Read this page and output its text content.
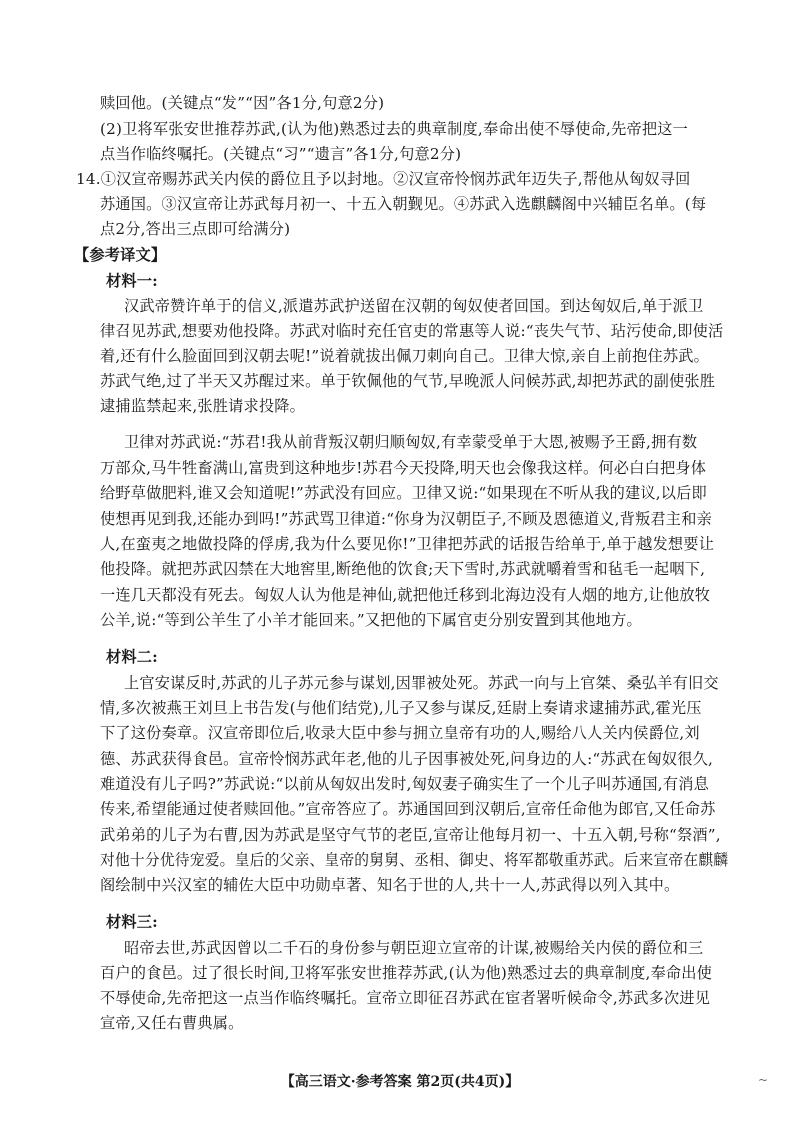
赎回他。(关键点“发”“因”各1分,句意2分)
(2)卫将军张安世推荐苏武,(认为他)熟悉过去的典章制度,奉命出使不辱使命,先帝把这一
点当作临终嘱托。(关键点“习”“遗言”各1分,句意2分)
14.①汉宣帝赐苏武关内侯的爵位且予以封地。②汉宣帝怜悯苏武年迈失子,帮他从匈奴寻回
苏通国。③汉宣帝让苏武每月初一、十五入朝觐见。④苏武入选麒麟阁中兴辅臣名单。(每
点2分,答出三点即可给满分)
【参考译文】
材料一:
汉武帝赞许单于的信义,派遣苏武护送留在汉朝的匈奴使者回国。到达匈奴后,单于派卫
律召见苏武,想要劝他投降。苏武对临时充任官吏的常惠等人说:“丧失气节、玷污使命,即使活
着,还有什么脸面回到汉朝去呢!”说着就拔出佩刀刺向自己。卫律大惊,亲自上前抱住苏武。
苏武气绝,过了半天又苏醒过来。单于钦佩他的气节,早晚派人问候苏武,却把苏武的副使张胜
逮捕监禁起来,张胜请求投降。
卫律对苏武说:“苏君!我从前背叛汉朝归顺匈奴,有幸蒙受单于大恩,被赐予王爵,拥有数
万部众,马牛牲畜满山,富贵到这种地步!苏君今天投降,明天也会像我这样。何必白白把身体
给野草做肥料,谁又会知道呢!”苏武没有回应。卫律又说:“如果现在不听从我的建议,以后即
使想再见到我,还能办到吗!”苏武骂卫律道:“你身为汉朝臣子,不顾及恩德道义,背叛君主和亲
人,在蛮夷之地做投降的俘虏,我为什么要见你!”卫律把苏武的话报告给单于,单于越发想要让
他投降。就把苏武囚禁在大地窖里,断绝他的饮食;天下雪时,苏武就嚼着雪和毡毛一起咽下,
一连几天都没有死去。匈奴人认为他是神仙,就把他迁移到北海边没有人烟的地方,让他放牧
公羊,说:“等到公羊生了小羊才能回来。”又把他的下属官吏分别安置到其他地方。
材料二:
上官安谋反时,苏武的儿子苏元参与谋划,因罪被处死。苏武一向与上官桀、桑弘羊有旧交
情,多次被燕王刘旦上书告发(与他们结党),儿子又参与谋反,廷尉上奏请求逮捕苏武,霍光压
下了这份奏章。汉宣帝即位后,收录大臣中参与拥立皇帝有功的人,赐给八人关内侯爵位,刘
德、苏武获得食邑。宣帝怜悯苏武年老,他的儿子因事被处死,问身边的人:“苏武在匈奴很久,
难道没有儿子吗?”苏武说:“以前从匈奴出发时,匈奴妻子确实生了一个儿子叫苏通国,有消息
传来,希望能通过使者赎回他。”宣帝答应了。苏通国回到汉朝后,宣帝任命他为郎官,又任命苏
武弟弟的儿子为右曹,因为苏武是坚守气节的老臣,宣帝让他每月初一、十五入朝,号称“祭酒”,
对他十分优待宠爱。皇后的父亲、皇帝的舅舅、丞相、御史、将军都敬重苏武。后来宣帝在麒麟
阁绘制中兴汉室的辅佐大臣中功勋卓著、知名于世的人,共十一人,苏武得以列入其中。
材料三:
昭帝去世,苏武因曾以二千石的身份参与朝臣迎立宣帝的计谋,被赐给关内侯的爵位和三
百户的食邑。过了很长时间,卫将军张安世推荐苏武,(认为他)熟悉过去的典章制度,奉命出使
不辱使命,先帝把这一点当作临终嘱托。宣帝立即征召苏武在宦者署听候命令,苏武多次进见
宣帝,又任右曹典属。
【高三语文·参考答案 第2页(共4页)】	~
